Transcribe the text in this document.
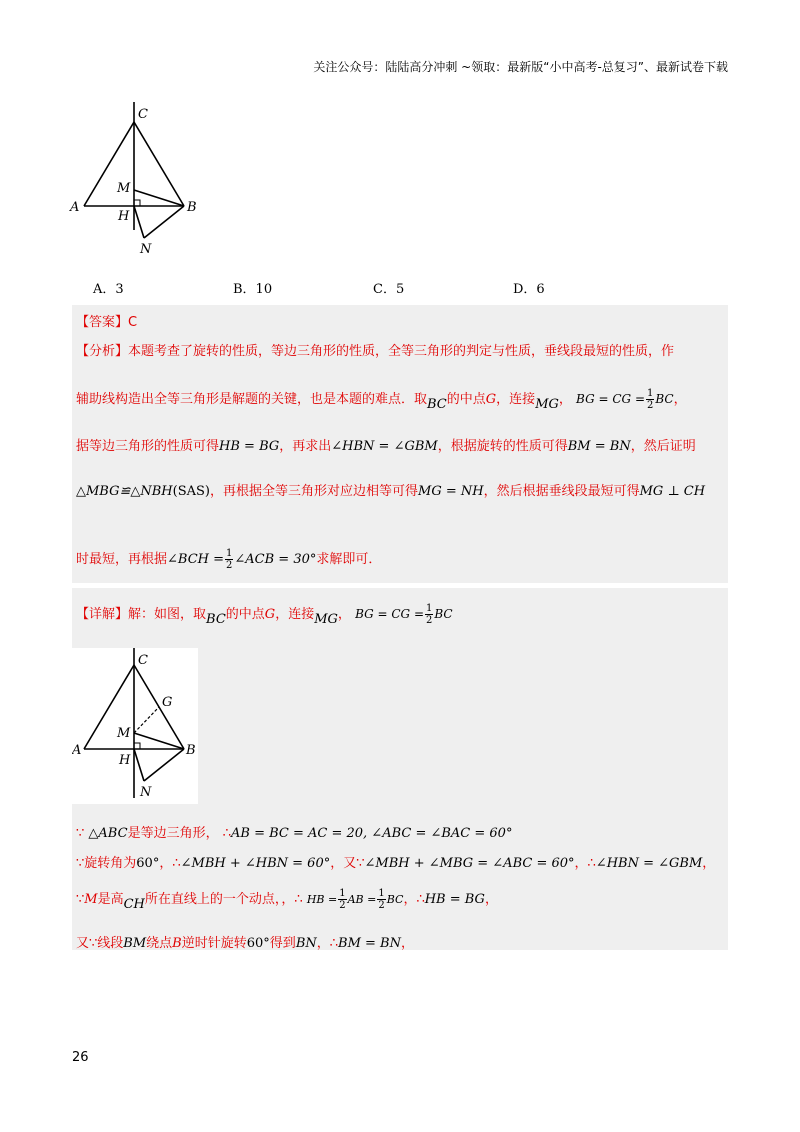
关注公众号：陆陆高分冲刺 ~领取：最新版“小中高考-总复习”、最新试卷下载
C
M
A
H
B
N
A．3	B．10	C．5	D．6
【答案】C
【分析】本题考查了旋转的性质，等边三角形的性质，全等三角形的判定与性质，垂线段最短的性质，作
辅助线构造出全等三角形是解题的关键，也是本题的难点．取BC的中点G，连接MG， BG = CG = $\frac{1}{2}$ BC，
据等边三角形的性质可得HB = BG，再求出∠HBN = ∠GBM，根据旋转的性质可得BM = BN，然后证明
△MBG≌△NBH(SAS)，再根据全等三角形对应边相等可得MG = NH，然后根据垂线段最短可得MG ⊥ CH
时最短，再根据∠BCH = $\frac{1}{2}$ ∠ACB = 30°求解即可．
【详解】解：如图，取BC的中点G，连接MG， BG = CG = $\frac{1}{2}$ BC
C
G
M
A
H
B
N
∵ △ABC是等边三角形， ∴AB = BC = AC = 20, ∠ABC = ∠BAC = 60°
∵旋转角为60°，∴∠MBH + ∠HBN = 60°，又∵∠MBH + ∠MBG = ∠ABC = 60°，∴∠HBN = ∠GBM，
∵M是高CH所在直线上的一个动点，，∴ HB = $\frac{1}{2}$ AB = $\frac{1}{2}$ BC，∴HB = BG，
又∵线段BM绕点B逆时针旋转60°得到BN，∴BM = BN，
26
